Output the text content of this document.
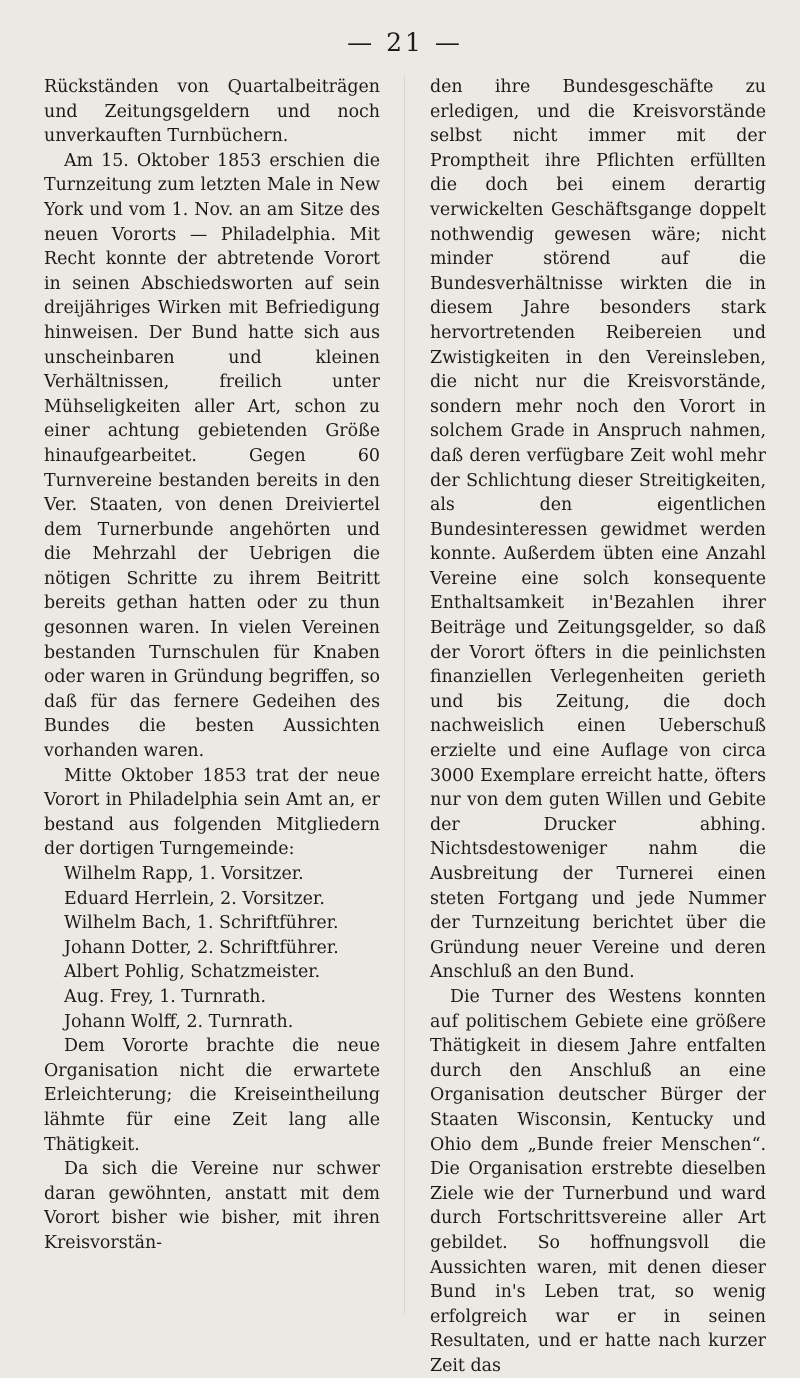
— 21 —

Rückständen von Quartalbeiträgen und Zeitungsgeldern und noch unverkauften Turnbüchern.

Am 15. Oktober 1853 erschien die Turnzeitung zum letzten Male in New York und vom 1. Nov. an am Sitze des neuen Vororts — Philadelphia. Mit Recht konnte der abtretende Vorort in seinen Abschiedsworten auf sein dreijähriges Wirken mit Befriedigung hinweisen. Der Bund hatte sich aus unscheinbaren und kleinen Verhältnissen, freilich unter Mühseligkeiten aller Art, schon zu einer achtung gebietenden Größe hinaufgearbeitet. Gegen 60 Turnvereine bestanden bereits in den Ver. Staaten, von denen Dreiviertel dem Turnerbunde angehörten und die Mehrzahl der Uebrigen die nötigen Schritte zu ihrem Beitritt bereits gethan hatten oder zu thun gesonnen waren. In vielen Vereinen bestanden Turnschulen für Knaben oder waren in Gründung begriffen, so daß für das fernere Gedeihen des Bundes die besten Aussichten vorhanden waren.

Mitte Oktober 1853 trat der neue Vorort in Philadelphia sein Amt an, er bestand aus folgenden Mitgliedern der dortigen Turngemeinde:

Wilhelm Rapp, 1. Vorsitzer.
Eduard Herrlein, 2. Vorsitzer.
Wilhelm Bach, 1. Schriftführer.
Johann Dotter, 2. Schriftführer.
Albert Pohlig, Schatzmeister.
Aug. Frey, 1. Turnrath.
Johann Wolff, 2. Turnrath.

Dem Vororte brachte die neue Organisation nicht die erwartete Erleichterung; die Kreiseintheilung lähmte für eine Zeit lang alle Thätigkeit.

Da sich die Vereine nur schwer daran gewöhnten, anstatt mit dem Vorort bisher wie bisher, mit ihren Kreisvorstän-

den ihre Bundesgeschäfte zu erledigen, und die Kreisvorstände selbst nicht immer mit der Promptheit ihre Pflichten erfüllten die doch bei einem derartig verwickelten Geschäftsgange doppelt nothwendig gewesen wäre; nicht minder störend auf die Bundesverhältnisse wirkten die in diesem Jahre besonders stark hervortretenden Reibereien und Zwistigkeiten in den Vereinsleben, die nicht nur die Kreisvorstände, sondern mehr noch den Vorort in solchem Grade in Anspruch nahmen, daß deren verfügbare Zeit wohl mehr der Schlichtung dieser Streitigkeiten, als den eigentlichen Bundesinteressen gewidmet werden konnte. Außerdem übten eine Anzahl Vereine eine solch konsequente Enthaltsamkeit in'Bezahlen ihrer Beiträge und Zeitungsgelder, so daß der Vorort öfters in die peinlichsten finanziellen Verlegenheiten gerieth und bis Zeitung, die doch nachweislich einen Ueberschuß erzielte und eine Auflage von circa 3000 Exemplare erreicht hatte, öfters nur von dem guten Willen und Gebite der Drucker abhing. Nichtsdestoweniger nahm die Ausbreitung der Turnerei einen steten Fortgang und jede Nummer der Turnzeitung berichtet über die Gründung neuer Vereine und deren Anschluß an den Bund.

Die Turner des Westens konnten auf politischem Gebiete eine größere Thätigkeit in diesem Jahre entfalten durch den Anschluß an eine Organisation deutscher Bürger der Staaten Wisconsin, Kentucky und Ohio dem „Bunde freier Menschen“. Die Organisation erstrebte dieselben Ziele wie der Turnerbund und ward durch Fortschrittsvereine aller Art gebildet. So hoffnungsvoll die Aussichten waren, mit denen dieser Bund in's Leben trat, so wenig erfolgreich war er in seinen Resultaten, und er hatte nach kurzer Zeit das
